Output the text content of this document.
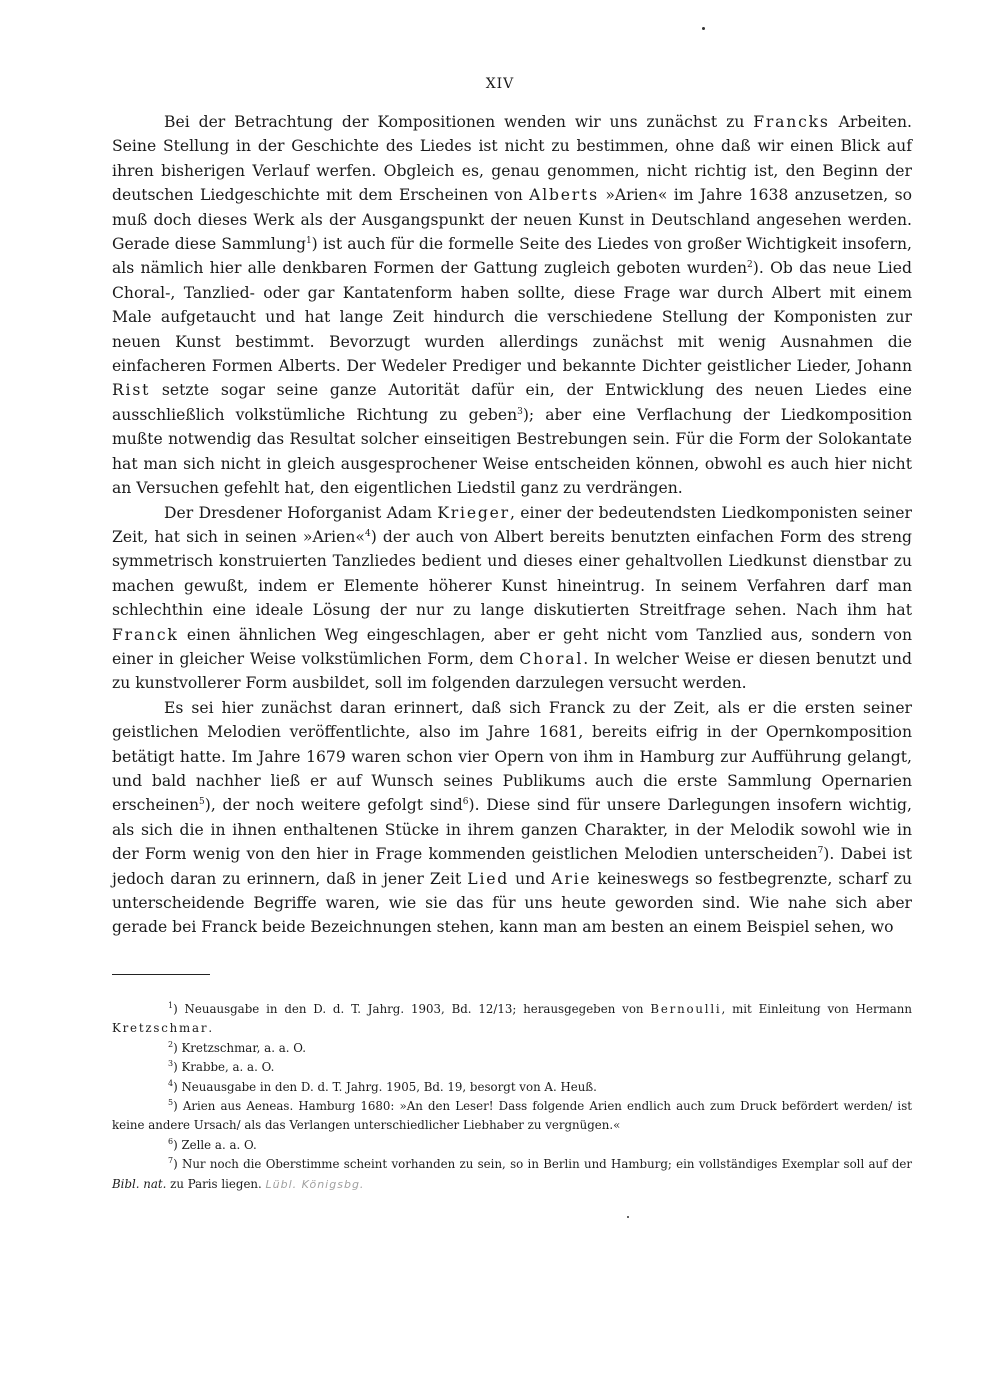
XIV

Bei der Betrachtung der Kompositionen wenden wir uns zunächst zu Francks Arbeiten. Seine Stellung in der Geschichte des Liedes ist nicht zu bestimmen, ohne daß wir einen Blick auf ihren bisherigen Verlauf werfen. Obgleich es, genau genommen, nicht richtig ist, den Beginn der deutschen Liedgeschichte mit dem Erscheinen von Alberts »Arien« im Jahre 1638 anzusetzen, so muß doch dieses Werk als der Ausgangspunkt der neuen Kunst in Deutschland angesehen werden. Gerade diese Sammlung$^1$) ist auch für die formelle Seite des Liedes von großer Wichtigkeit insofern, als nämlich hier alle denkbaren Formen der Gattung zugleich geboten wurden$^2$). Ob das neue Lied Choral-, Tanzlied- oder gar Kantatenform haben sollte, diese Frage war durch Albert mit einem Male aufgetaucht und hat lange Zeit hindurch die verschiedene Stellung der Komponisten zur neuen Kunst bestimmt. Bevorzugt wurden allerdings zunächst mit wenig Ausnahmen die einfacheren Formen Alberts. Der Wedeler Prediger und bekannte Dichter geistlicher Lieder, Johann Rist setzte sogar seine ganze Autorität dafür ein, der Entwicklung des neuen Liedes eine ausschließlich volkstümliche Richtung zu geben$^3$); aber eine Verflachung der Liedkomposition mußte notwendig das Resultat solcher einseitigen Bestrebungen sein. Für die Form der Solokantate hat man sich nicht in gleich ausgesprochener Weise entscheiden können, obwohl es auch hier nicht an Versuchen gefehlt hat, den eigentlichen Liedstil ganz zu verdrängen.

Der Dresdener Hoforganist Adam Krieger, einer der bedeutendsten Liedkomponisten seiner Zeit, hat sich in seinen »Arien«$^4$) der auch von Albert bereits benutzten einfachen Form des streng symmetrisch konstruierten Tanzliedes bedient und dieses einer gehaltvollen Liedkunst dienstbar zu machen gewußt, indem er Elemente höherer Kunst hineintrug. In seinem Verfahren darf man schlechthin eine ideale Lösung der nur zu lange diskutierten Streitfrage sehen. Nach ihm hat Franck einen ähnlichen Weg eingeschlagen, aber er geht nicht vom Tanzlied aus, sondern von einer in gleicher Weise volkstümlichen Form, dem Choral. In welcher Weise er diesen benutzt und zu kunstvollerer Form ausbildet, soll im folgenden darzulegen versucht werden.

Es sei hier zunächst daran erinnert, daß sich Franck zu der Zeit, als er die ersten seiner geistlichen Melodien veröffentlichte, also im Jahre 1681, bereits eifrig in der Opernkomposition betätigt hatte. Im Jahre 1679 waren schon vier Opern von ihm in Hamburg zur Aufführung gelangt, und bald nachher ließ er auf Wunsch seines Publikums auch die erste Sammlung Opernarien erscheinen$^5$), der noch weitere gefolgt sind$^6$). Diese sind für unsere Darlegungen insofern wichtig, als sich die in ihnen enthaltenen Stücke in ihrem ganzen Charakter, in der Melodik sowohl wie in der Form wenig von den hier in Frage kommenden geistlichen Melodien unterscheiden$^7$). Dabei ist jedoch daran zu erinnern, daß in jener Zeit Lied und Arie keineswegs so festbegrenzte, scharf zu unterscheidende Begriffe waren, wie sie das für uns heute geworden sind. Wie nahe sich aber gerade bei Franck beide Bezeichnungen stehen, kann man am besten an einem Beispiel sehen, wo

$^1$) Neuausgabe in den D. d. T. Jahrg. 1903, Bd. 12/13; herausgegeben von Bernoulli, mit Einleitung von Hermann Kretzschmar.

$^2$) Kretzschmar, a. a. O.

$^3$) Krabbe, a. a. O.

$^4$) Neuausgabe in den D. d. T. Jahrg. 1905, Bd. 19, besorgt von A. Heuß.

$^5$) Arien aus Aeneas. Hamburg 1680: »An den Leser! Dass folgende Arien endlich auch zum Druck befördert werden/ ist keine andere Ursach/ als das Verlangen unterschiedlicher Liebhaber zu vergnügen.«

$^6$) Zelle a. a. O.

$^7$) Nur noch die Oberstimme scheint vorhanden zu sein, so in Berlin und Hamburg; ein vollständiges Exemplar soll auf der Bibl. nat. zu Paris liegen. Lübl. Königsbg.
